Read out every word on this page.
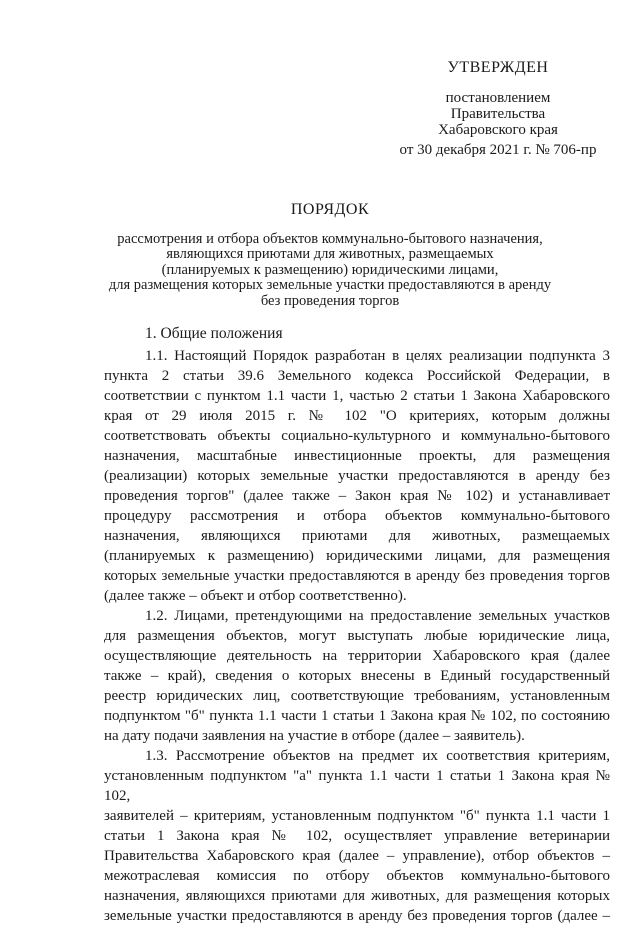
УТВЕРЖДЕН
постановлением
Правительства
Хабаровского края
от 30 декабря 2021 г. № 706-пр
ПОРЯДОК
рассмотрения и отбора объектов коммунально-бытового назначения,
являющихся приютами для животных, размещаемых
(планируемых к размещению) юридическими лицами,
для размещения которых земельные участки предоставляются в аренду
без проведения торгов
1. Общие положения
1.1. Настоящий Порядок разработан в целях реализации подпункта 3
пункта 2 статьи 39.6 Земельного кодекса Российской Федерации, в
соответствии с пунктом 1.1 части 1, частью 2 статьи 1 Закона Хабаровского
края от 29 июля 2015 г. № 102 "О критериях, которым должны
соответствовать объекты социально-культурного и коммунально-бытового
назначения, масштабные инвестиционные проекты, для размещения
(реализации) которых земельные участки предоставляются в аренду без
проведения торгов" (далее также – Закон края № 102) и устанавливает
процедуру рассмотрения и отбора объектов коммунально-бытового
назначения, являющихся приютами для животных, размещаемых
(планируемых к размещению) юридическими лицами, для размещения
которых земельные участки предоставляются в аренду без проведения торгов
(далее также – объект и отбор соответственно).
1.2. Лицами, претендующими на предоставление земельных участков
для размещения объектов, могут выступать любые юридические лица,
осуществляющие деятельность на территории Хабаровского края (далее
также – край), сведения о которых внесены в Единый государственный
реестр юридических лиц, соответствующие требованиям, установленным
подпунктом "б" пункта 1.1 части 1 статьи 1 Закона края № 102, по состоянию
на дату подачи заявления на участие в отборе (далее – заявитель).
1.3. Рассмотрение объектов на предмет их соответствия критериям,
установленным подпунктом "а" пункта 1.1 части 1 статьи 1 Закона края № 102,
заявителей – критериям, установленным подпунктом "б" пункта 1.1 части 1
статьи 1 Закона края № 102, осуществляет управление ветеринарии
Правительства Хабаровского края (далее – управление), отбор объектов –
межотраслевая комиссия по отбору объектов коммунально-бытового
назначения, являющихся приютами для животных, для размещения которых
земельные участки предоставляются в аренду без проведения торгов (далее –
